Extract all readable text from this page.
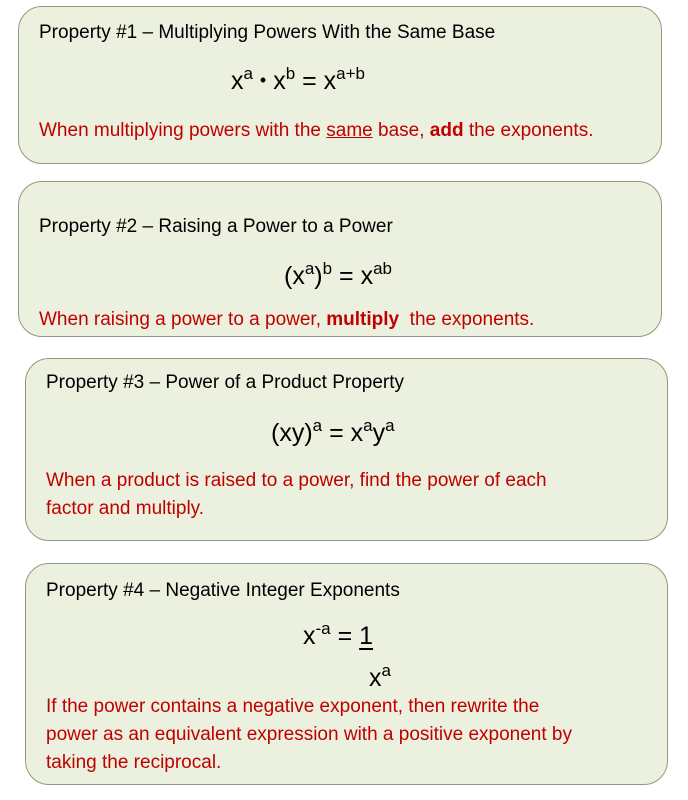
Property #1 – Multiplying Powers With the Same Base
$x^a$ • $x^b = x^{a+b}$
When multiplying powers with the same base, add the exponents.
Property #2 – Raising a Power to a Power
$(x^a)^b = x^{ab}$
When raising a power to a power, multiply  the exponents.
Property #3 – Power of a Product Property
$(xy)^a = x^ay^a$
When a product is raised to a power, find the power of each
factor and multiply.
Property #4 – Negative Integer Exponents
$x^{-a} = 1$
$x^a$
If the power contains a negative exponent, then rewrite the
power as an equivalent expression with a positive exponent by
taking the reciprocal.
